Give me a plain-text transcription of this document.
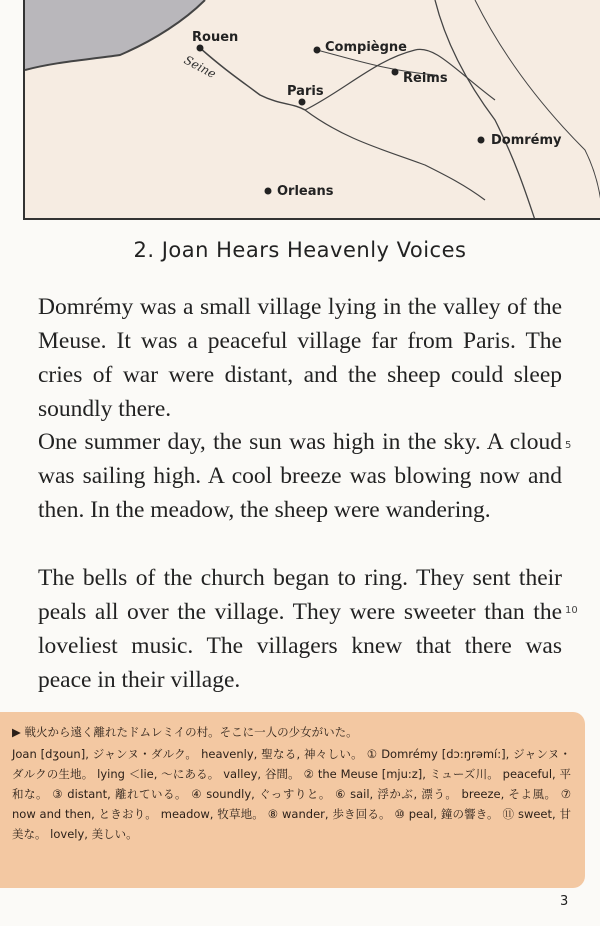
Rouen
Compiègne
Reims
Paris
Domrémy
Orleans
Seine
2. Joan Hears Heavenly Voices

Domrémy was a small village lying in the valley of the Meuse. It was a peaceful village far from Paris. The cries of war were distant, and the sheep could sleep soundly there.

One summer day, the sun was high in the sky. A cloud was sailing high. A cool breeze was blowing now and then. In the meadow, the sheep were wandering.

The bells of the church began to ring. They sent their peals all over the village. They were sweeter than the loveliest music. The villagers knew that there was peace in their village.

5
10
▶ 戦火から遠く離れたドムレミイの村。そこに一人の少女がいた。

Joan [dʒoun], ジャンヌ・ダルク。 heavenly, 聖なる, 神々しい。 ① Domrémy [dɔ:ŋrəmí:], ジャンヌ・ダルクの生地。 lying ＜lie, ～にある。 valley, 谷間。 ② the Meuse [mju:z], ミューズ川。 peaceful, 平和な。 ③ distant, 離れている。 ④ soundly, ぐっすりと。 ⑥ sail, 浮かぶ, 漂う。 breeze, そよ風。 ⑦ now and then, ときおり。 meadow, 牧草地。 ⑧ wander, 歩き回る。 ⑩ peal, 鐘の響き。 ⑪ sweet, 甘美な。 lovely, 美しい。

3
